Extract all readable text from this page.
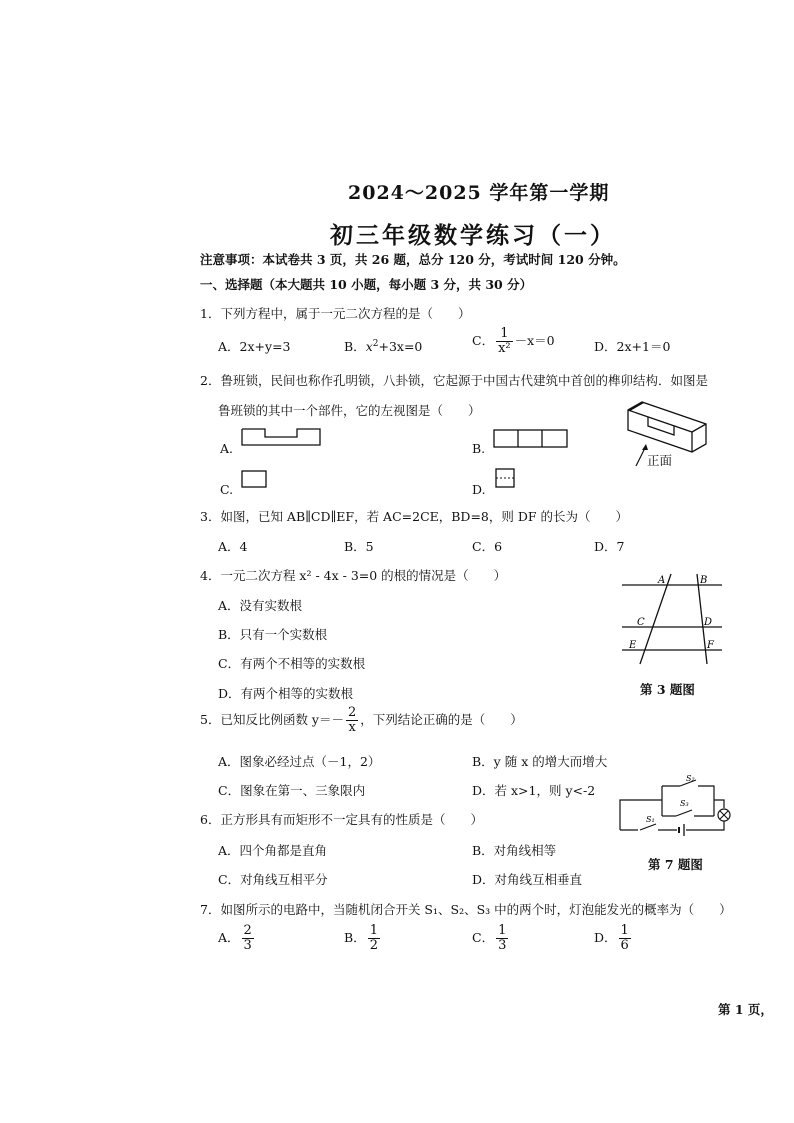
2024～2025 学年第一学期
初三年级数学练习（一）
注意事项：本试卷共 3 页，共 26 题，总分 120 分，考试时间 120 分钟。
一、选择题（本大题共 10 小题，每小题 3 分，共 30 分）
1．下列方程中，属于一元二次方程的是（　　）
A．2x+y=3	B．$x^2+3x=0$	C． $\frac{1}{\text{x²}} -x=0$	D．2x+1＝0
2．鲁班锁，民间也称作孔明锁，八卦锁，它起源于中国古代建筑中首创的榫卯结构．如图是
鲁班锁的其中一个部件，它的左视图是（　　）
A.	B.
C.	D.
正面
3．如图，已知 AB∥CD∥EF，若 AC=2CE，BD=8，则 DF 的长为（　　）
A．4	B．5	C．6	D．7
A	B
C	D
E	F
第 3 题图
4．一元二次方程 x² - 4x - 3=0 的根的情况是（　　）
A．没有实数根
B．只有一个实数根
C．有两个不相等的实数根
D．有两个相等的实数根
5．已知反比例函数 $y=- \frac{2}{x}$ ，下列结论正确的是（　　）
A．图象必经过点（－1，2）	B．y 随 x 的增大而增大
C．图象在第一、三象限内	D．若 x>1，则 y<-2
6．正方形具有而矩形不一定具有的性质是（　　）
A．四个角都是直角	B．对角线相等
C．对角线互相平分	D．对角线互相垂直
S₂
S₃
S₁
第 7 题图
7．如图所示的电路中，当随机闭合开关 S₁、S₂、S₃ 中的两个时，灯泡能发光的概率为（　　）
A． $\frac{2}{3}$	B． $\frac{1}{2}$	C． $\frac{1}{3}$	D． $\frac{1}{6}$
第 1 页，
